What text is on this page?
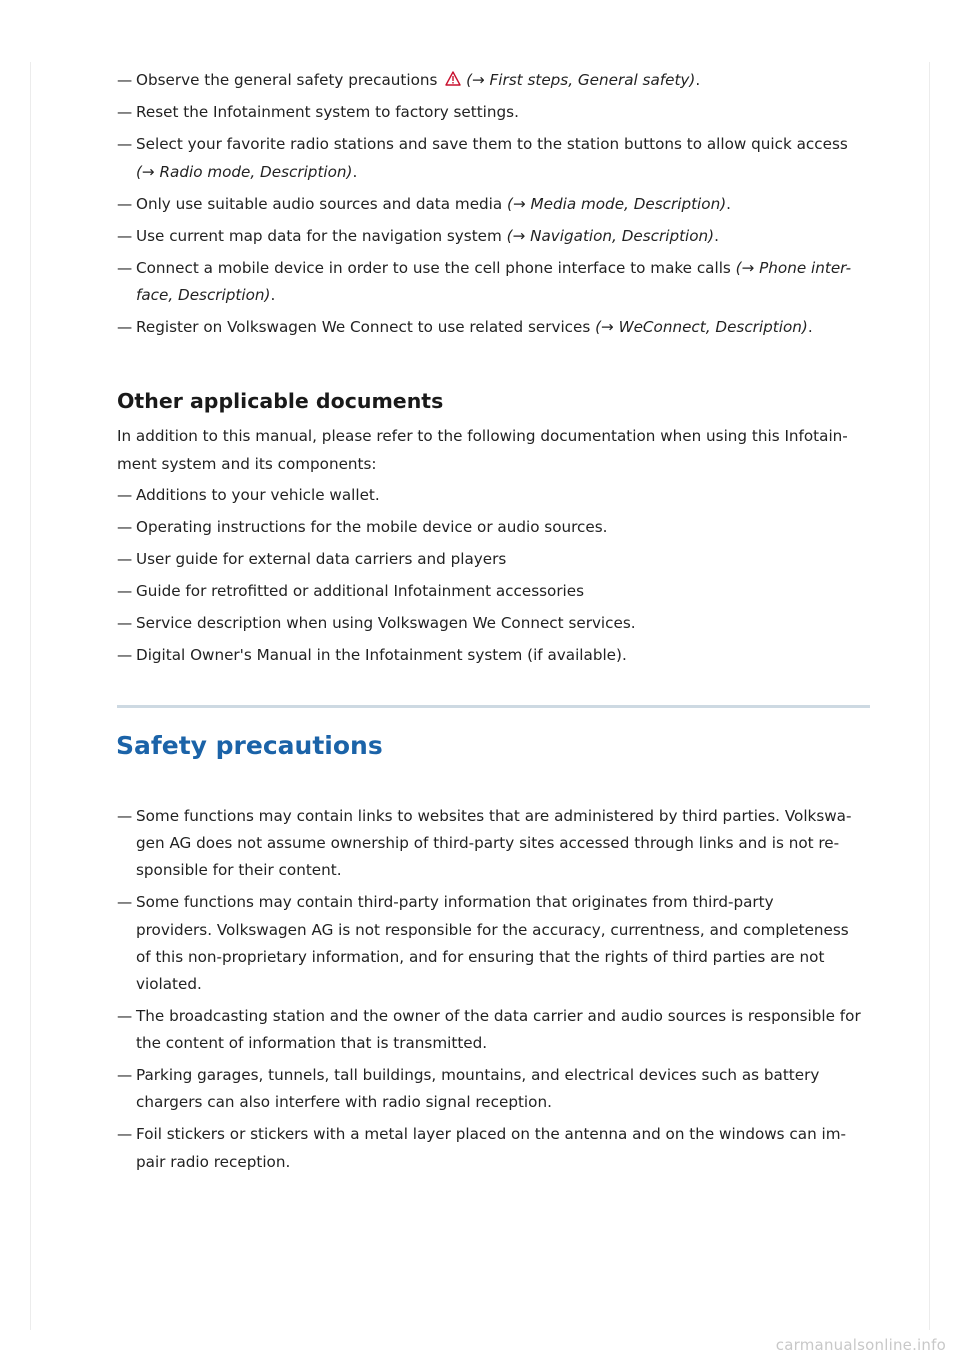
— Observe the general safety precautions (→ First steps, General safety).
— Reset the Infotainment system to factory settings.
— Select your favorite radio stations and save them to the station buttons to allow quick access
(→ Radio mode, Description).
— Only use suitable audio sources and data media (→ Media mode, Description).
— Use current map data for the navigation system (→ Navigation, Description).
— Connect a mobile device in order to use the cell phone interface to make calls (→ Phone inter-
face, Description).
— Register on Volkswagen We Connect to use related services (→ WeConnect, Description).
Other applicable documents

In addition to this manual, please refer to the following documentation when using this Infotain-
ment system and its components:

— Additions to your vehicle wallet.
— Operating instructions for the mobile device or audio sources.
— User guide for external data carriers and players
— Guide for retrofitted or additional Infotainment accessories
— Service description when using Volkswagen We Connect services.
— Digital Owner's Manual in the Infotainment system (if available).
Safety precautions
— Some functions may contain links to websites that are administered by third parties. Volkswa-
gen AG does not assume ownership of third-party sites accessed through links and is not re-
sponsible for their content.
— Some functions may contain third-party information that originates from third-party
providers. Volkswagen AG is not responsible for the accuracy, currentness, and completeness
of this non-proprietary information, and for ensuring that the rights of third parties are not
violated.
— The broadcasting station and the owner of the data carrier and audio sources is responsible for
the content of information that is transmitted.
— Parking garages, tunnels, tall buildings, mountains, and electrical devices such as battery
chargers can also interfere with radio signal reception.
— Foil stickers or stickers with a metal layer placed on the antenna and on the windows can im-
pair radio reception.
carmanualsonline.info
